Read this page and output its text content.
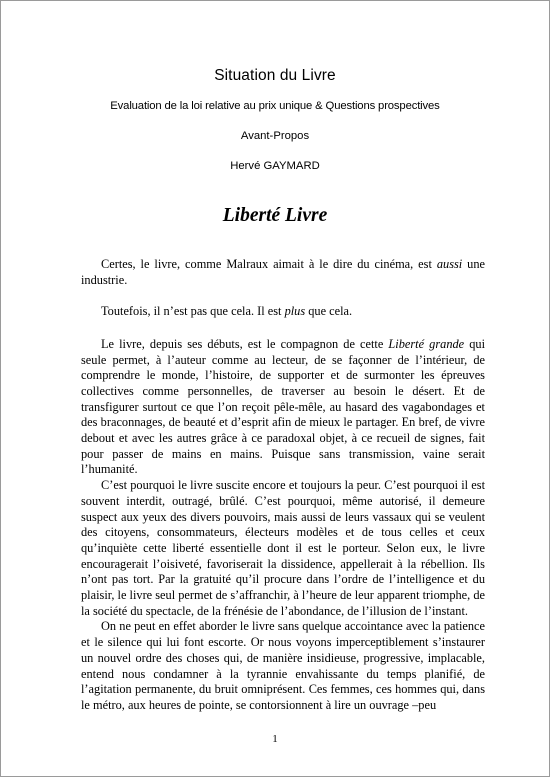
Situation du Livre

Evaluation de la loi relative au prix unique & Questions prospectives

Avant-Propos

Hervé GAYMARD

Liberté Livre

Certes, le livre, comme Malraux aimait à le dire du cinéma, est aussi une industrie.

Toutefois, il n’est pas que cela. Il est plus que cela.

Le livre, depuis ses débuts, est le compagnon de cette Liberté grande qui seule permet, à l’auteur comme au lecteur, de se façonner de l’intérieur, de comprendre le monde, l’histoire, de supporter et de surmonter les épreuves collectives comme personnelles, de traverser au besoin le désert. Et de transfigurer surtout ce que l’on reçoit pêle-mêle, au hasard des vagabondages et des braconnages, de beauté et d’esprit afin de mieux le partager. En bref, de vivre debout et avec les autres grâce à ce paradoxal objet, à ce recueil de signes, fait pour passer de mains en mains. Puisque sans transmission, vaine serait l’humanité.

C’est pourquoi le livre suscite encore et toujours la peur. C’est pourquoi il est souvent interdit, outragé, brûlé. C’est pourquoi, même autorisé, il demeure suspect aux yeux des divers pouvoirs, mais aussi de leurs vassaux qui se veulent des citoyens, consommateurs, électeurs modèles et de tous celles et ceux qu’inquiète cette liberté essentielle dont il est le porteur. Selon eux, le livre encouragerait l’oisiveté, favoriserait la dissidence, appellerait à la rébellion. Ils n’ont pas tort. Par la gratuité qu’il procure dans l’ordre de l’intelligence et du plaisir, le livre seul permet de s’affranchir, à l’heure de leur apparent triomphe, de la société du spectacle, de la frénésie de l’abondance, de l’illusion de l’instant.

On ne peut en effet aborder le livre sans quelque accointance avec la patience et le silence qui lui font escorte. Or nous voyons imperceptiblement s’instaurer un nouvel ordre des choses qui, de manière insidieuse, progressive, implacable, entend nous condamner à la tyrannie envahissante du temps planifié, de l’agitation permanente, du bruit omniprésent. Ces femmes, ces hommes qui, dans le métro, aux heures de pointe, se contorsionnent à lire un ouvrage –peu

1
